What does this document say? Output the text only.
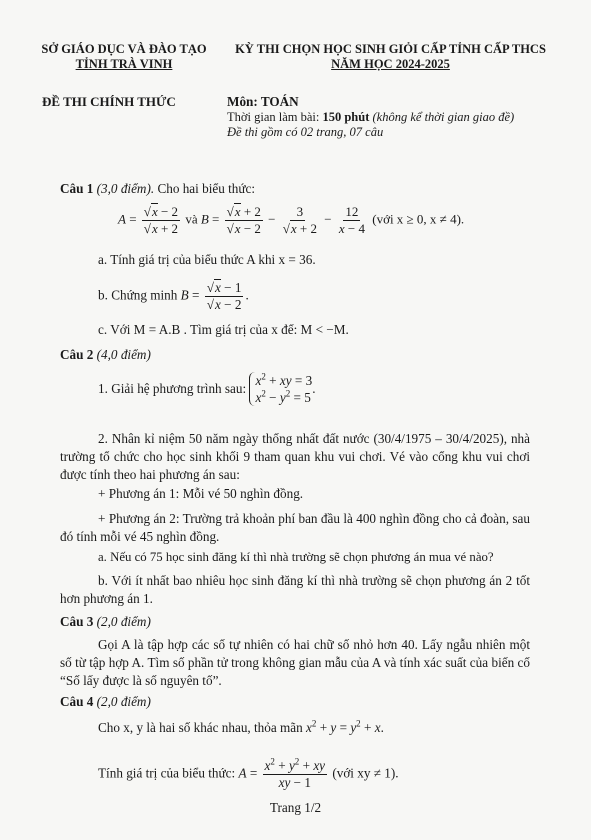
SỞ GIÁO DỤC VÀ ĐÀO TẠO
TỈNH TRÀ VINH
KỲ THI CHỌN HỌC SINH GIỎI CẤP TỈNH CẤP THCS
NĂM HỌC 2024-2025
ĐỀ THI CHÍNH THỨC	Môn: TOÁN
Thời gian làm bài: 150 phút (không kể thời gian giao đề)
Đề thi gồm có 02 trang, 07 câu
Câu 1 (3,0 điểm). Cho hai biểu thức:
$A = \frac{√x - 2}{√x + 2}$ và $B = \frac{√x + 2}{√x - 2} - \frac{3}{√x + 2} - \frac{12}{x - 4}$ (với x ≥ 0, x ≠ 4).
a. Tính giá trị của biểu thức A khi x = 36.
b. Chứng minh $B = \frac{√x - 1}{√x - 2}$ .
c. Với M = A.B . Tìm giá trị của x để: M < −M.
Câu 2 (4,0 điểm)
1. Giải hệ phương trình sau: $x^2$ + xy = 3
$x^2 - y^2 = 5$.
2. Nhân kỉ niệm 50 năm ngày thống nhất đất nước (30/4/1975 – 30/4/2025), nhà trường tổ chức cho học sinh khối 9 tham quan khu vui chơi. Vé vào cổng khu vui chơi được tính theo hai phương án sau:
+ Phương án 1: Mỗi vé 50 nghìn đồng.
+ Phương án 2: Trường trả khoản phí ban đầu là 400 nghìn đồng cho cả đoàn, sau đó tính mỗi vé 45 nghìn đồng.
a. Nếu có 75 học sinh đăng kí thì nhà trường sẽ chọn phương án mua vé nào?
b. Với ít nhất bao nhiêu học sinh đăng kí thì nhà trường sẽ chọn phương án 2 tốt hơn phương án 1.
Câu 3 (2,0 điểm)
Gọi A là tập hợp các số tự nhiên có hai chữ số nhỏ hơn 40. Lấy ngẫu nhiên một số từ tập hợp A. Tìm số phần tử trong không gian mẫu của A và tính xác suất của biến cố “Số lấy được là số nguyên tố”.
Câu 4 (2,0 điểm)
Cho x, y là hai số khác nhau, thỏa mãn $x^2 + y = y^2 + x$.
Tính giá trị của biểu thức: $A = \frac{x^2 + y^2 + xy}{xy - 1}$ (với xy ≠ 1).
Trang 1/2
